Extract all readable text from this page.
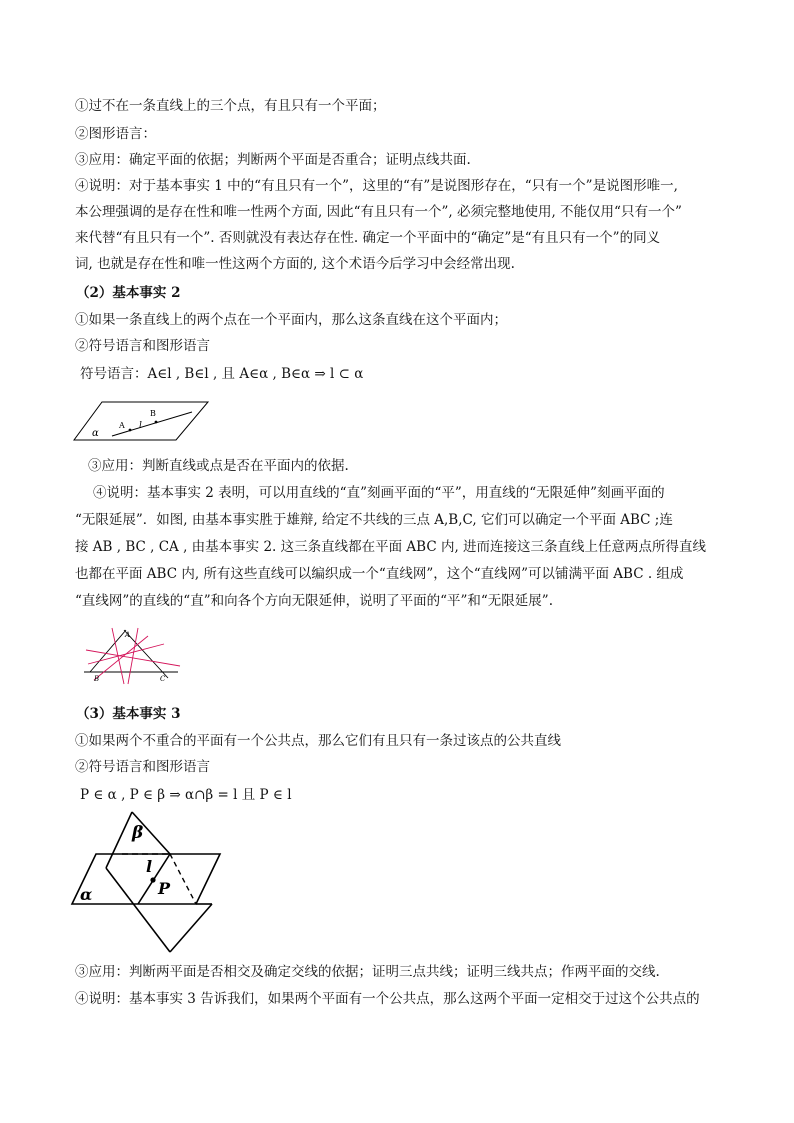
①过不在一条直线上的三个点，有且只有一个平面；
②图形语言：
③应用：确定平面的依据；判断两个平面是否重合；证明点线共面.
④说明：对于基本事实 1 中的“有且只有一个”，这里的“有”是说图形存在，“只有一个”是说图形唯一,
本公理强调的是存在性和唯一性两个方面, 因此“有且只有一个”, 必须完整地使用, 不能仅用“只有一个”
来代替“有且只有一个”. 否则就没有表达存在性. 确定一个平面中的“确定”是“有且只有一个”的同义
词, 也就是存在性和唯一性这两个方面的, 这个术语今后学习中会经常出现.
（2）基本事实 2
①如果一条直线上的两个点在一个平面内，那么这条直线在这个平面内；
②符号语言和图形语言
符号语言：A∈l , B∈l , 且 A∈α , B∈α ⇒ l ⊂ α
α
A l
B
③应用：判断直线或点是否在平面内的依据.
④说明：基本事实 2 表明，可以用直线的“直”刻画平面的“平”，用直线的“无限延伸”刻画平面的
“无限延展”．如图, 由基本事实胜于雄辩, 给定不共线的三点 A,B,C, 它们可以确定一个平面 ABC ;连
接 AB , BC , CA , 由基本事实 2. 这三条直线都在平面 ABC 内, 进而连接这三条直线上任意两点所得直线
也都在平面 ABC 内, 所有这些直线可以编织成一个“直线网”，这个“直线网”可以铺满平面 ABC . 组成
“直线网”的直线的“直”和向各个方向无限延伸，说明了平面的“平”和“无限延展”.
A
B	C
（3）基本事实 3
①如果两个不重合的平面有一个公共点，那么它们有且只有一条过该点的公共直线
②符号语言和图形语言
P ∈ α , P ∈ β ⇒ α∩β = l 且 P ∈ l
β
l
P
α
③应用：判断两平面是否相交及确定交线的依据；证明三点共线；证明三线共点；作两平面的交线.
④说明：基本事实 3 告诉我们，如果两个平面有一个公共点，那么这两个平面一定相交于过这个公共点的
